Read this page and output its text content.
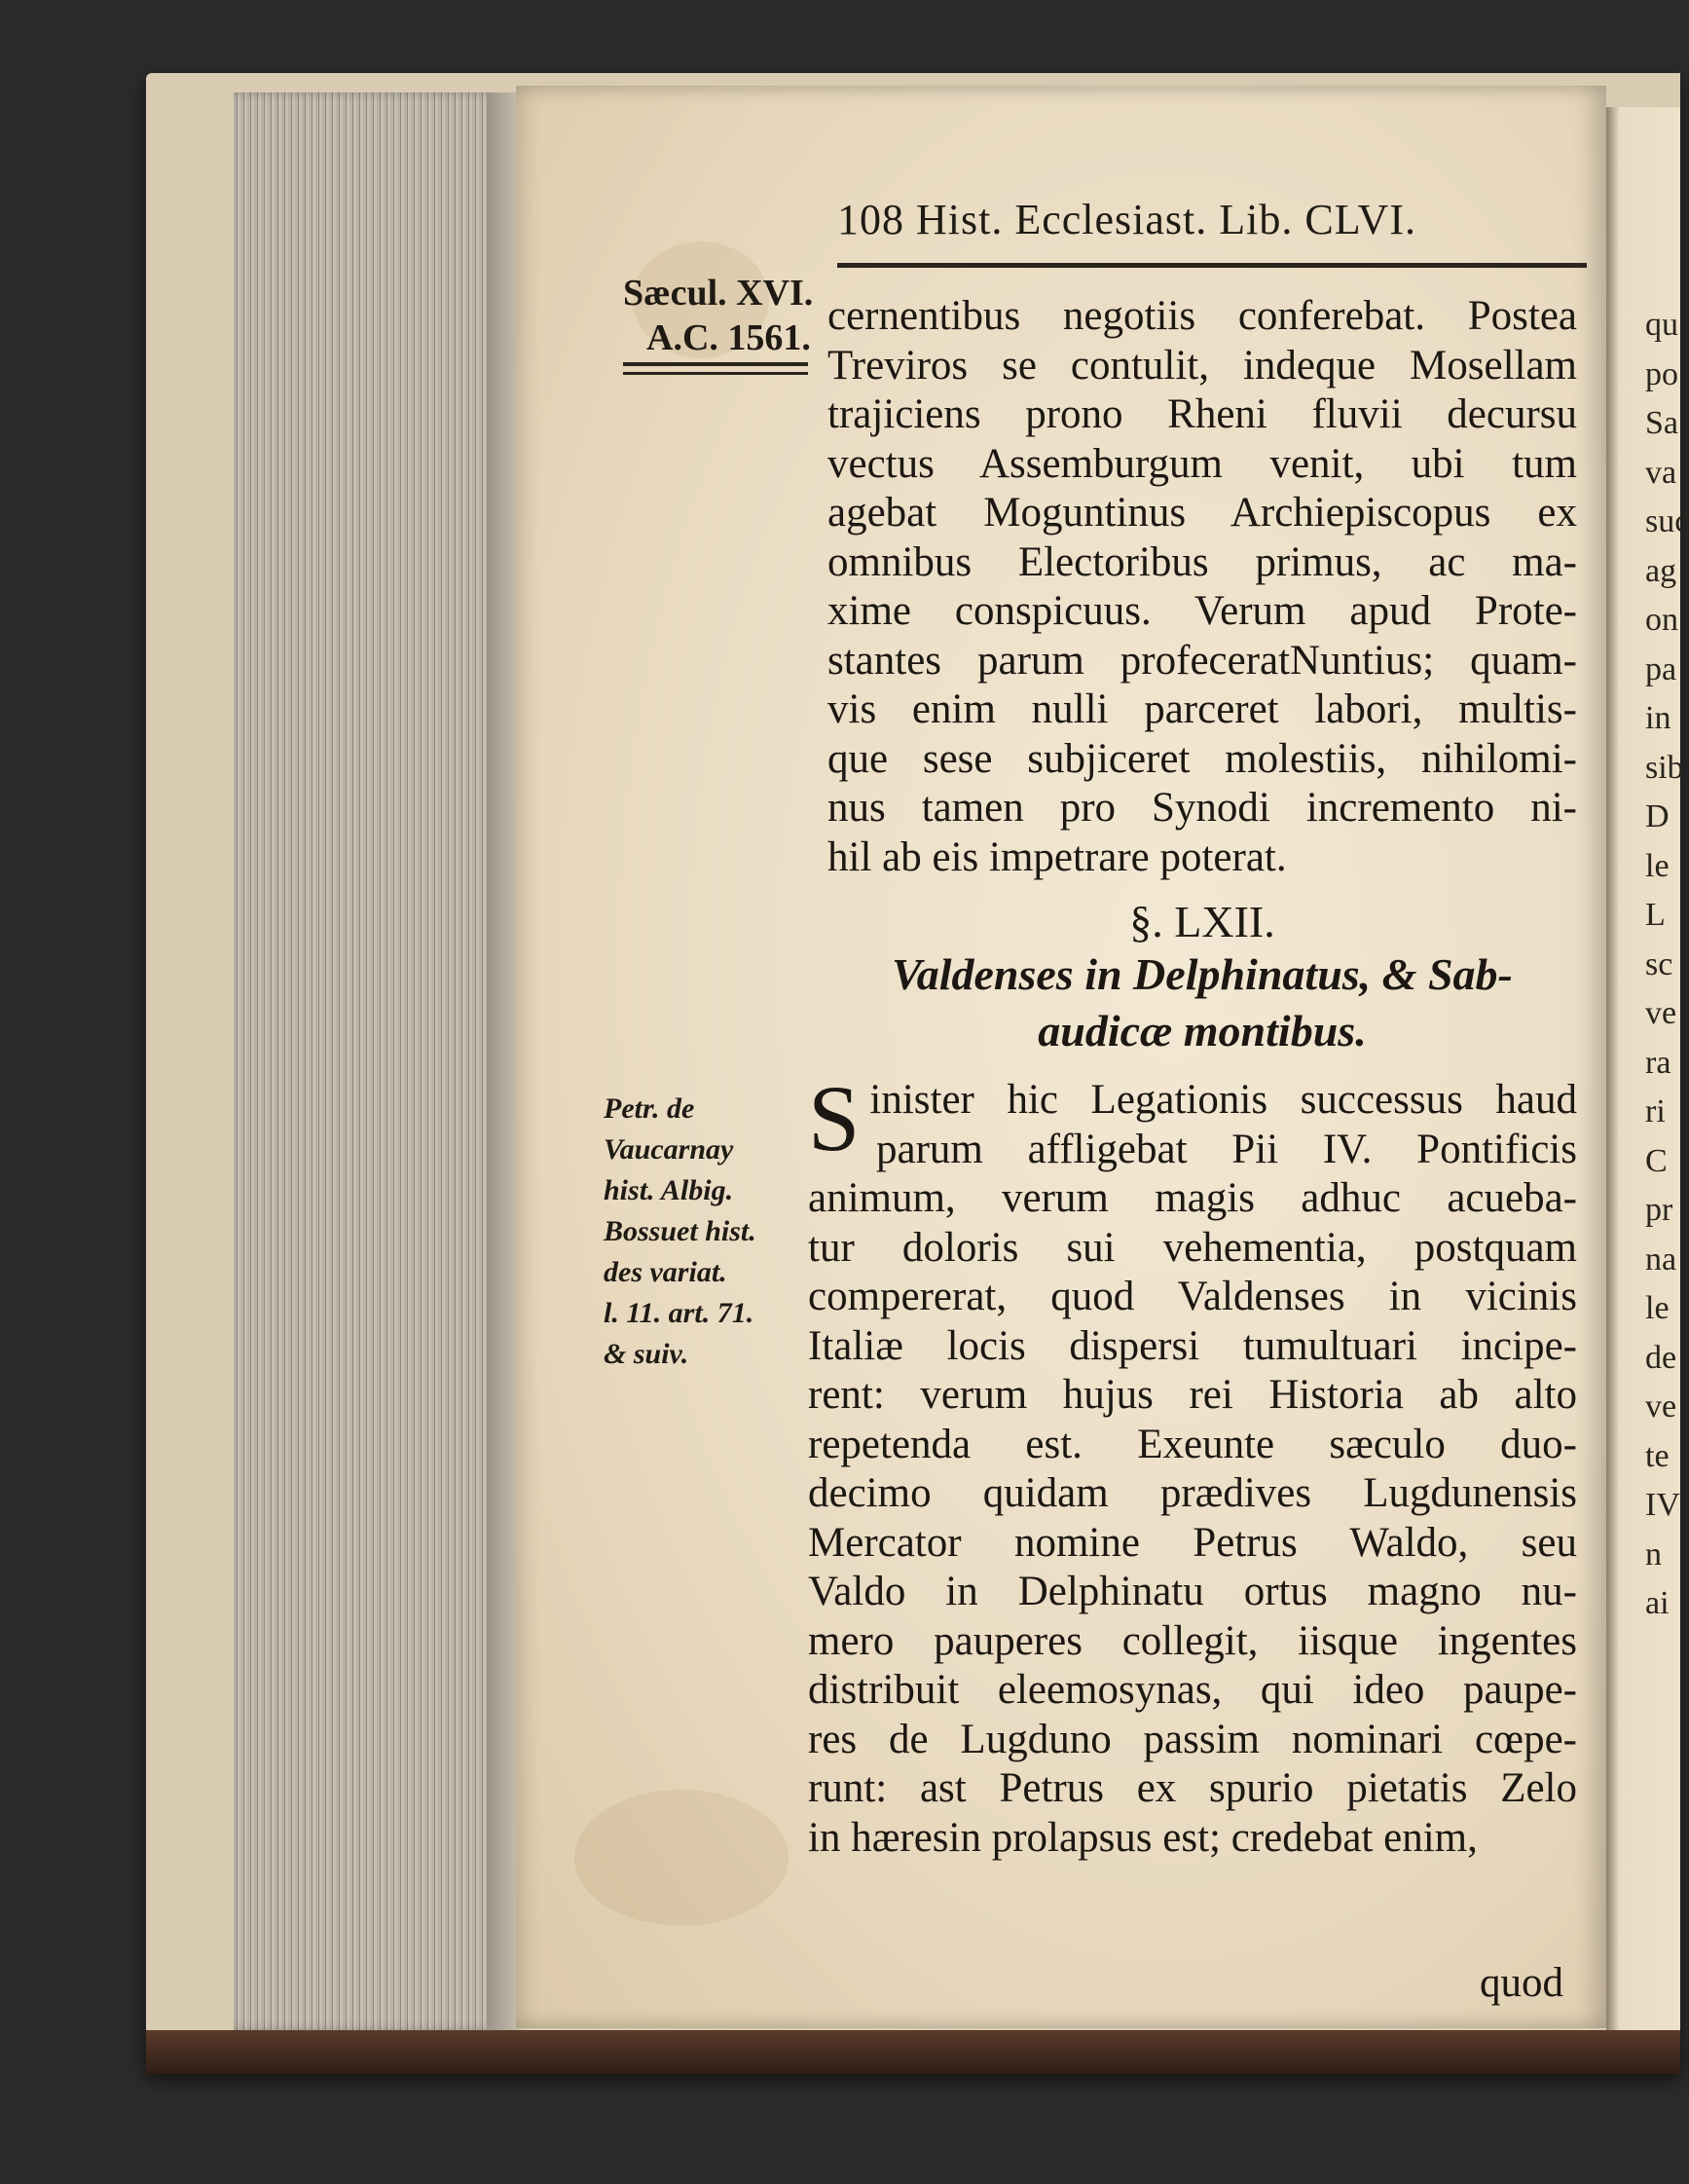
qu
po
Sa
va
suc
ag
on
pa
in
sib
D
le
L
sc
ve
ra
ri
C
pr
na
le
de
ve
te
IV
n
ai
108 Hist. Ecclesiast. Lib. CLVI.
Sæcul. XVI.
A.C. 1561.
Petr. de
Vaucarnay
hist. Albig.
Bossuet hist.
des variat.
l. 11. art. 71.
& suiv.
cernentibus negotiis conferebat. Postea
Treviros se contulit, indeque Mosellam
trajiciens prono Rheni fluvii decursu
vectus Assemburgum venit, ubi tum
agebat Moguntinus Archiepiscopus ex
omnibus Electoribus primus, ac ma-
xime conspicuus. Verum apud Prote-
stantes parum profeceratNuntius; quam-
vis enim nulli parceret labori, multis-
que sese subjiceret molestiis, nihilomi-
nus tamen pro Synodi incremento ni-
hil ab eis impetrare poterat.
§. LXII.
Valdenses in Delphinatus, & Sab-
audicæ montibus.
S inister hic Legationis successus haud
parum affligebat Pii IV. Pontificis
animum, verum magis adhuc acueba-
tur doloris sui vehementia, postquam
compererat, quod Valdenses in vicinis
Italiæ locis dispersi tumultuari incipe-
rent: verum hujus rei Historia ab alto
repetenda est. Exeunte sæculo duo-
decimo quidam prædives Lugdunensis
Mercator nomine Petrus Waldo, seu
Valdo in Delphinatu ortus magno nu-
mero pauperes collegit, iisque ingentes
distribuit eleemosynas, qui ideo paupe-
res de Lugduno passim nominari cœpe-
runt: ast Petrus ex spurio pietatis Zelo
in hæresin prolapsus est; credebat enim,
quod
